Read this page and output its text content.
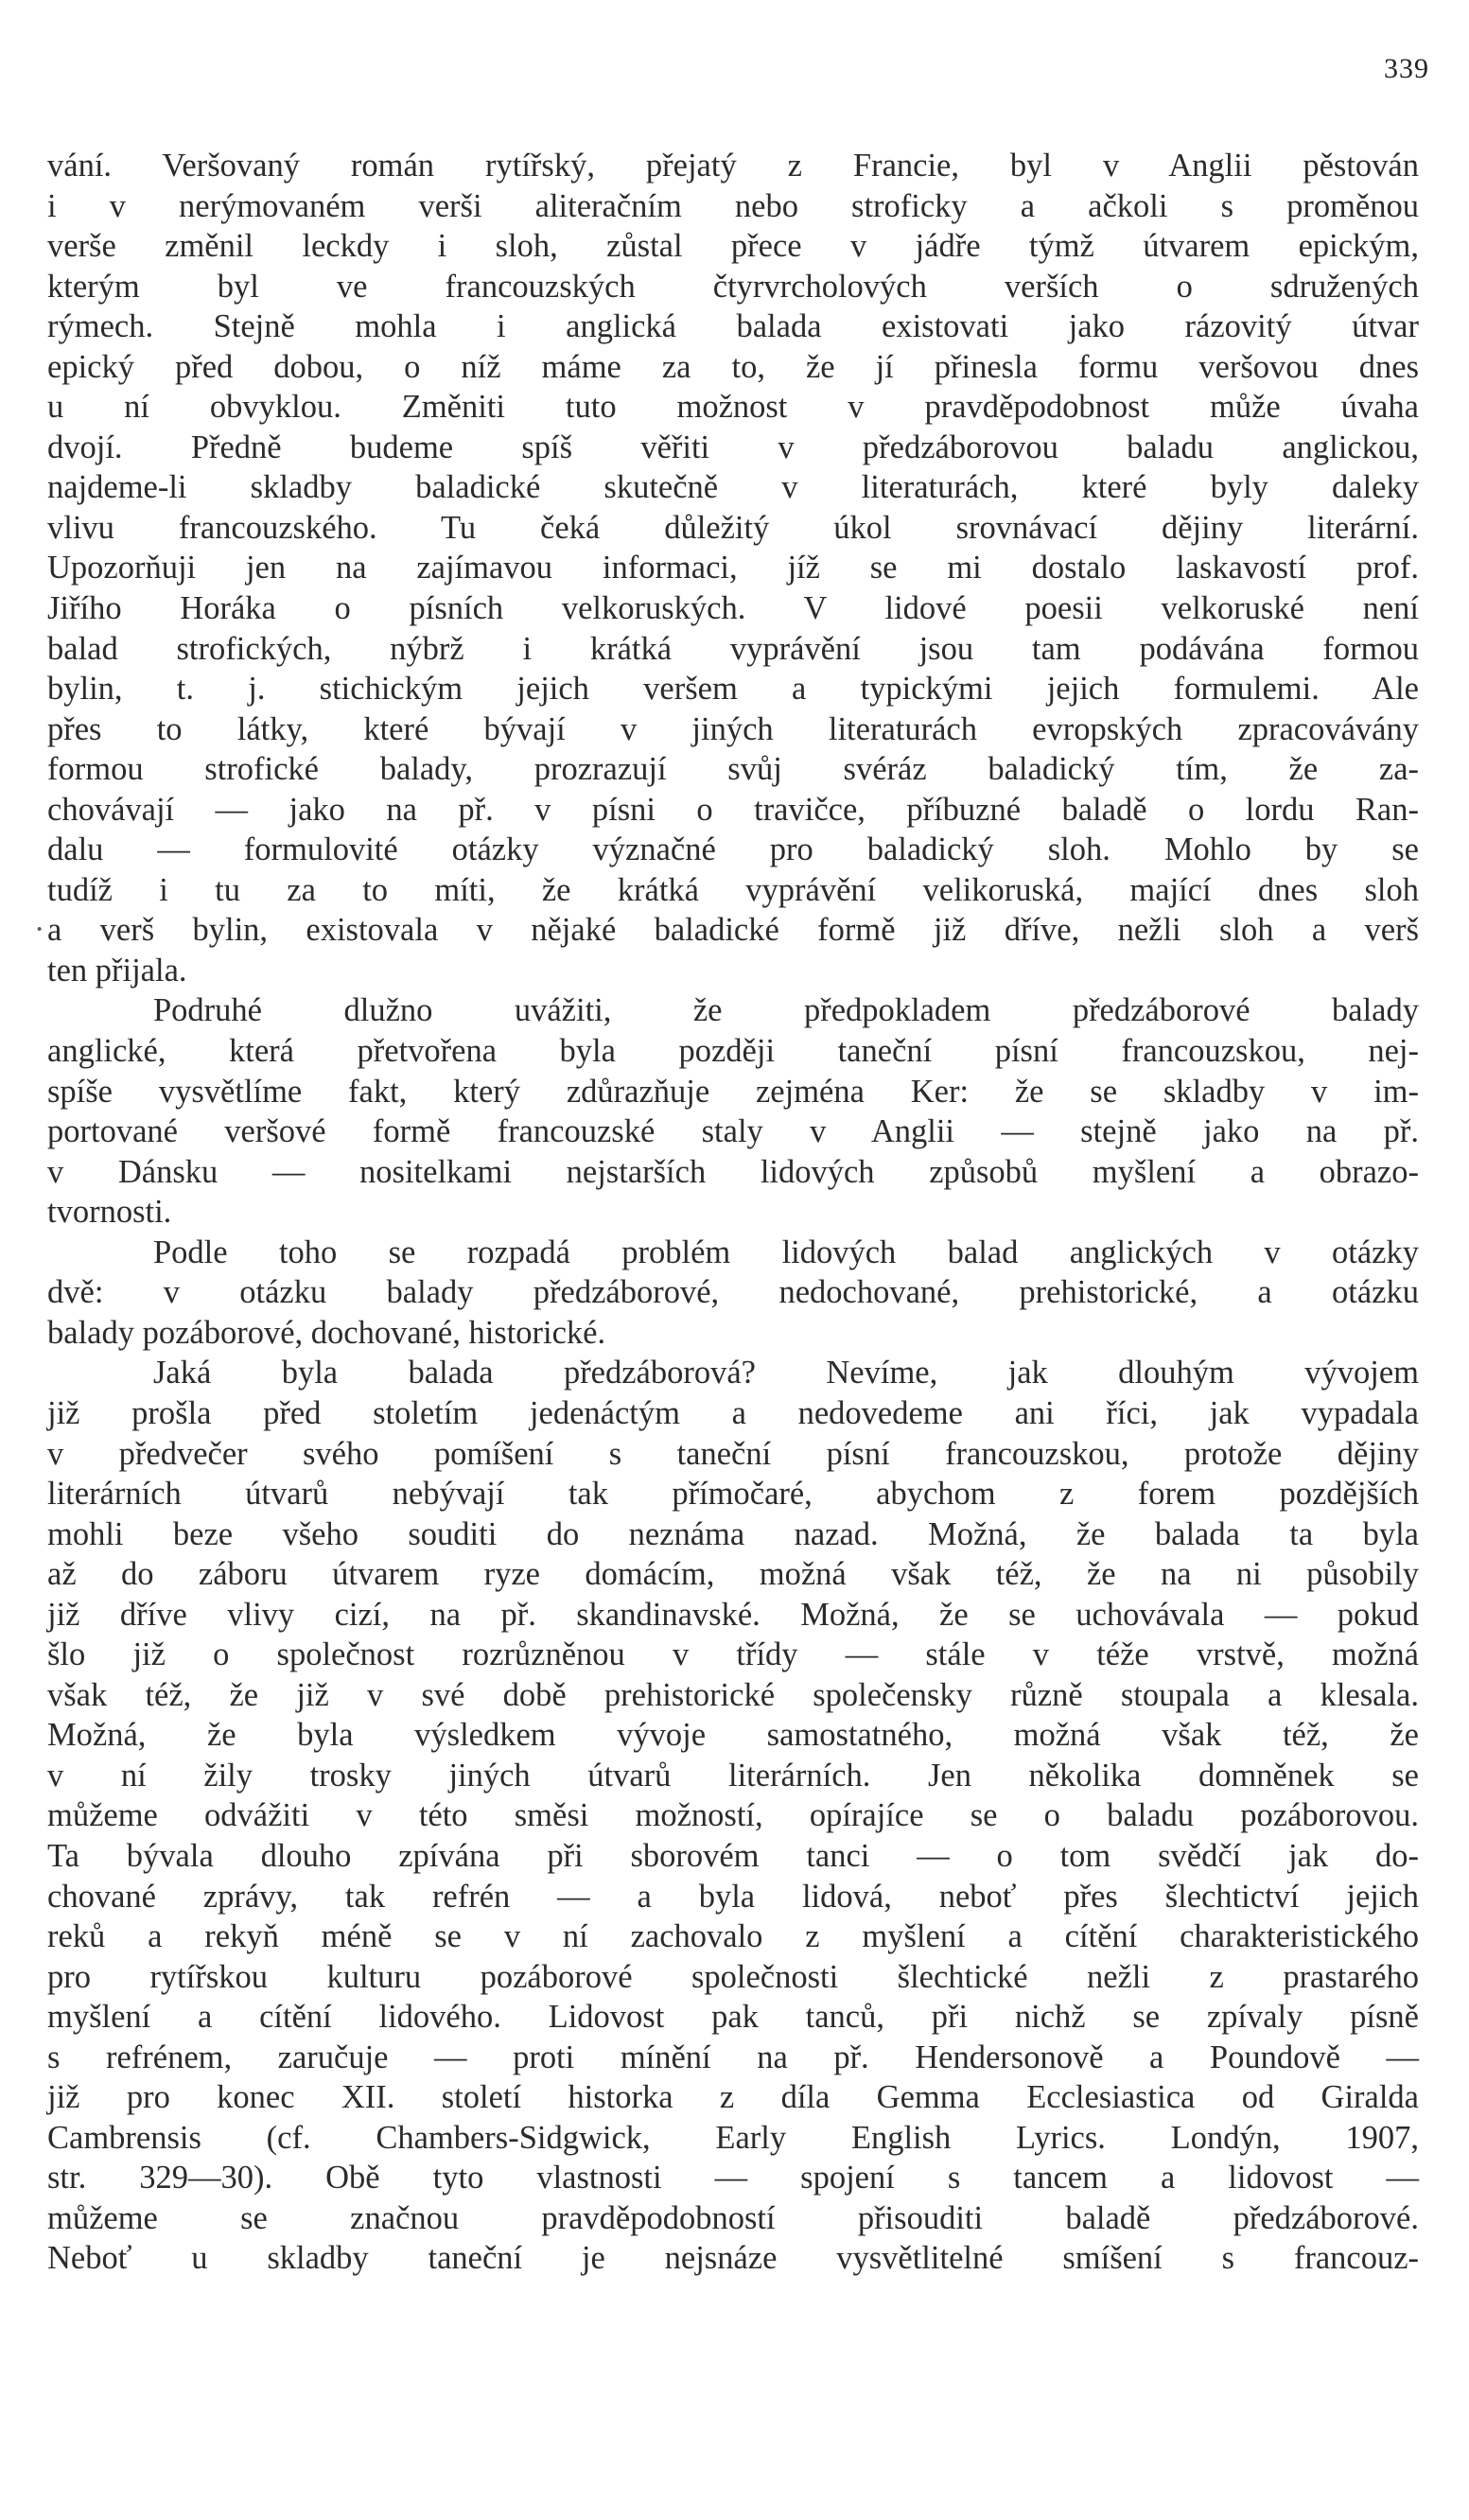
339
vání. Veršovaný román rytířský, přejatý z Francie, byl v Anglii pěstován
i v nerýmovaném verši aliteračním nebo stroficky a ačkoli s proměnou
verše změnil leckdy i sloh, zůstal přece v jádře týmž útvarem epickým,
kterým byl ve francouzských čtyrvrcholových verších o sdružených
rýmech. Stejně mohla i anglická balada existovati jako rázovitý útvar
epický před dobou, o níž máme za to, že jí přinesla formu veršovou dnes
u ní obvyklou. Změniti tuto možnost v pravděpodobnost může úvaha
dvojí. Předně budeme spíš věřiti v předzáborovou baladu anglickou,
najdeme-li skladby baladické skutečně v literaturách, které byly daleky
vlivu francouzského. Tu čeká důležitý úkol srovnávací dějiny literární.
Upozorňuji jen na zajímavou informaci, jíž se mi dostalo laskavostí prof.
Jiřího Horáka o písních velkoruských. V lidové poesii velkoruské není
balad strofických, nýbrž i krátká vyprávění jsou tam podávána formou
bylin, t. j. stichickým jejich veršem a typickými jejich formulemi. Ale
přes to látky, které bývají v jiných literaturách evropských zpracovávány
formou strofické balady, prozrazují svůj svéráz baladický tím, že za-
chovávají — jako na př. v písni o travičce, příbuzné baladě o lordu Ran-
dalu — formulovité otázky význačné pro baladický sloh. Mohlo by se
tudíž i tu za to míti, že krátká vyprávění velikoruská, mající dnes sloh
· a verš bylin, existovala v nějaké baladické formě již dříve, nežli sloh a verš
ten přijala.
Podruhé dlužno uvážiti, že předpokladem předzáborové balady
anglické, která přetvořena byla později taneční písní francouzskou, nej-
spíše vysvětlíme fakt, který zdůrazňuje zejména Ker: že se skladby v im-
portované veršové formě francouzské staly v Anglii — stejně jako na př.
v Dánsku — nositelkami nejstarších lidových způsobů myšlení a obrazo-
tvornosti.
Podle toho se rozpadá problém lidových balad anglických v otázky
dvě: v otázku balady předzáborové, nedochované, prehistorické, a otázku
balady pozáborové, dochované, historické.
Jaká byla balada předzáborová? Nevíme, jak dlouhým vývojem
již prošla před stoletím jedenáctým a nedovedeme ani říci, jak vypadala
v předvečer svého pomíšení s taneční písní francouzskou, protože dějiny
literárních útvarů nebývají tak přímočaré, abychom z forem pozdějších
mohli beze všeho souditi do neznáma nazad. Možná, že balada ta byla
až do záboru útvarem ryze domácím, možná však též, že na ni působily
již dříve vlivy cizí, na př. skandinavské. Možná, že se uchovávala — pokud
šlo již o společnost rozrůzněnou v třídy — stále v téže vrstvě, možná
však též, že již v své době prehistorické společensky různě stoupala a klesala.
Možná, že byla výsledkem vývoje samostatného, možná však též, že
v ní žily trosky jiných útvarů literárních. Jen několika domněnek se
můžeme odvážiti v této směsi možností, opírajíce se o baladu pozáborovou.
Ta bývala dlouho zpívána při sborovém tanci — o tom svědčí jak do-
chované zprávy, tak refrén — a byla lidová, neboť přes šlechtictví jejich
reků a rekyň méně se v ní zachovalo z myšlení a cítění charakteristického
pro rytířskou kulturu pozáborové společnosti šlechtické nežli z prastarého
myšlení a cítění lidového. Lidovost pak tanců, při nichž se zpívaly písně
s refrénem, zaručuje — proti mínění na př. Hendersonově a Poundově —
již pro konec XII. století historka z díla Gemma Ecclesiastica od Giralda
Cambrensis (cf. Chambers-Sidgwick, Early English Lyrics. Londýn, 1907,
str. 329—30). Obě tyto vlastnosti — spojení s tancem a lidovost —
můžeme se značnou pravděpodobností přisouditi baladě předzáborové.
Neboť u skladby taneční je nejsnáze vysvětlitelné smíšení s francouz-
